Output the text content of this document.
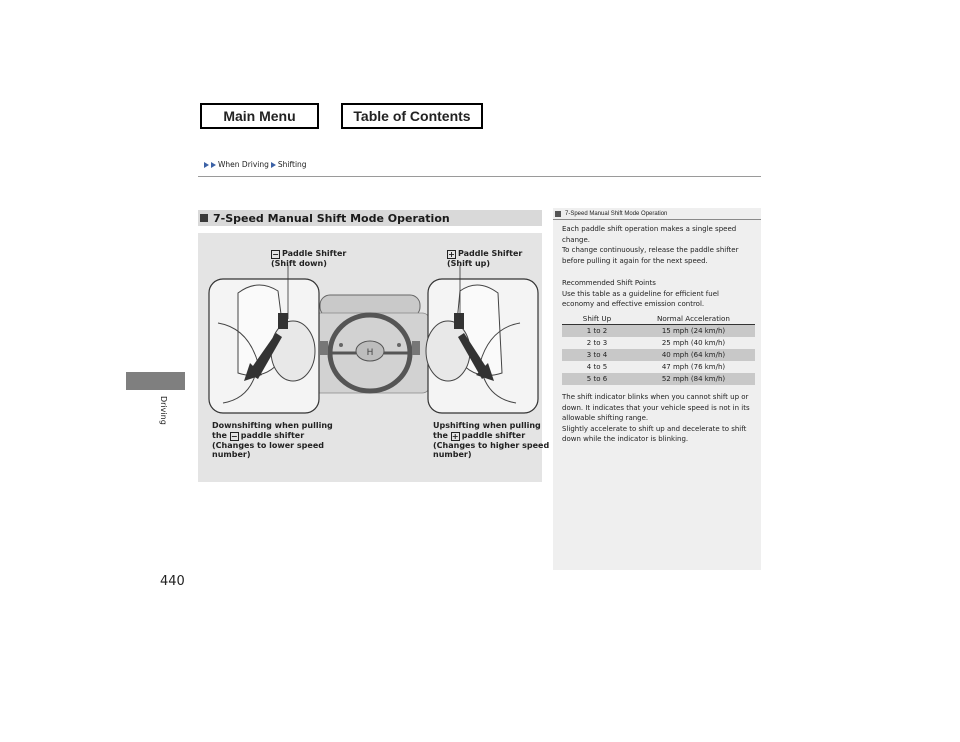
Main Menu	Table of Contents
When Driving Shifting
Driving
440
7-Speed Manual Shift Mode Operation
H
− Paddle Shifter
(Shift down)
+ Paddle Shifter
(Shift up)
Downshifting when pulling
the − paddle shifter
(Changes to lower speed
number)
Upshifting when pulling
the + paddle shifter
(Changes to higher speed
number)
7-Speed Manual Shift Mode Operation
Each paddle shift operation makes a single speed
change.
To change continuously, release the paddle shifter
before pulling it again for the next speed.
Recommended Shift Points
Use this table as a guideline for efficient fuel
economy and effective emission control.
Shift Up	Normal Acceleration
1 to 2	15 mph (24 km/h)
2 to 3	25 mph (40 km/h)
3 to 4	40 mph (64 km/h)
4 to 5	47 mph (76 km/h)
5 to 6	52 mph (84 km/h)
The shift indicator blinks when you cannot shift up or
down. It indicates that your vehicle speed is not in its
allowable shifting range.
Slightly accelerate to shift up and decelerate to shift
down while the indicator is blinking.
